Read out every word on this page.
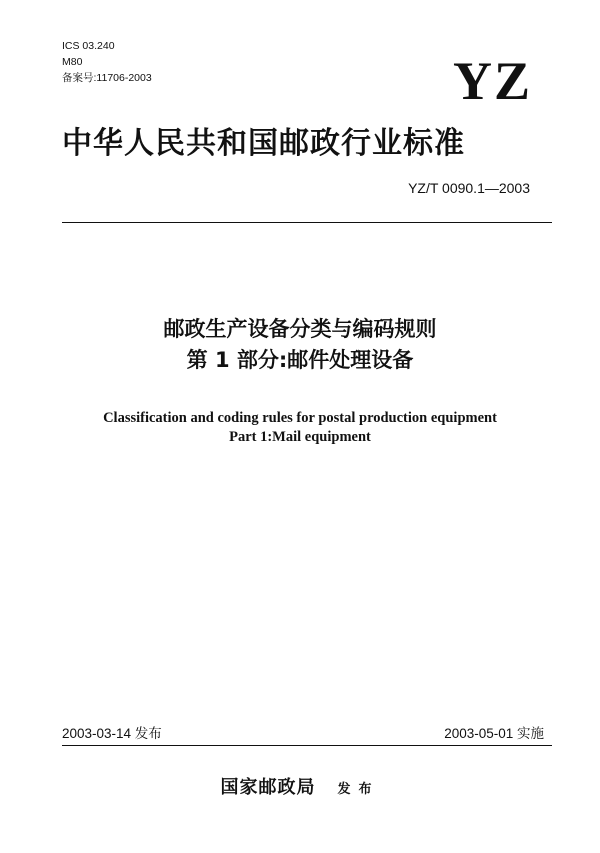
ICS 03.240
M80
备案号:11706-2003	YZ
中华人民共和国邮政行业标准
YZ/T 0090.1—2003
邮政生产设备分类与编码规则
第 1 部分:邮件处理设备
Classification and coding rules for postal production equipment
Part 1:Mail equipment
2003-03-14 发布	2003-05-01 实施
国家邮政局 发布
